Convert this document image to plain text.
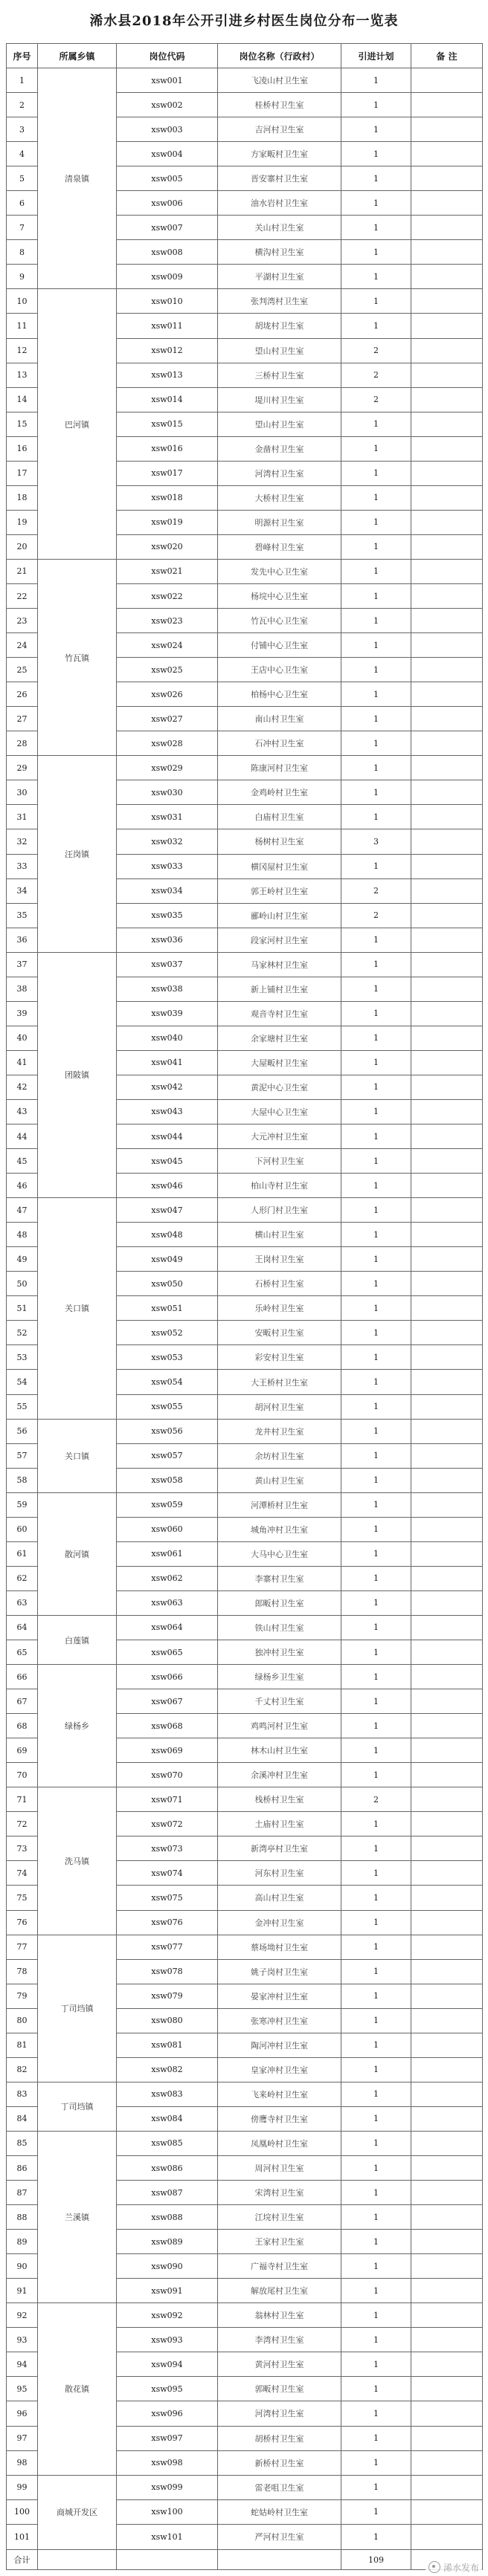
浠水县2018年公开引进乡村医生岗位分布一览表
序号	所属乡镇	岗位代码	岗位名称（行政村）	引进计划	备 注
1	清泉镇	xsw001	飞凌山村卫生室	1	
2		xsw002	桂桥村卫生室	1	
3		xsw003	吉河村卫生室	1	
4		xsw004	方家畈村卫生室	1	
5		xsw005	晋安寨村卫生室	1	
6		xsw006	油水岩村卫生室	1	
7		xsw007	关山村卫生室	1	
8		xsw008	横沟村卫生室	1	
9		xsw009	平湖村卫生室	1	
10	巴河镇	xsw010	张判湾村卫生室	1	
11		xsw011	胡垅村卫生室	1	
12		xsw012	望山村卫生室	2	
13		xsw013	三桥村卫生室	2	
14		xsw014	堤川村卫生室	2	
15		xsw015	望山村卫生室	1	
16		xsw016	金凿村卫生室	1	
17		xsw017	河湾村卫生室	1	
18		xsw018	大桥村卫生室	1	
19		xsw019	明源村卫生室	1	
20		xsw020	碧峰村卫生室	1	
21	竹瓦镇	xsw021	发先中心卫生室	1	
22		xsw022	杨垸中心卫生室	1	
23		xsw023	竹瓦中心卫生室	1	
24		xsw024	付铺中心卫生室	1	
25		xsw025	王店中心卫生室	1	
26		xsw026	柏杨中心卫生室	1	
27		xsw027	南山村卫生室	1	
28		xsw028	石冲村卫生室	1	
29	汪岗镇	xsw029	陈康河村卫生室	1	
30		xsw030	金鸡岭村卫生室	1	
31		xsw031	白庙村卫生室	1	
32		xsw032	杨树村卫生室	3	
33		xsw033	横冈屋村卫生室	1	
34		xsw034	郭王岭村卫生室	2	
35		xsw035	郦岭山村卫生室	2	
36		xsw036	段家河村卫生室	1	
37	团陂镇	xsw037	马家林村卫生室	1	
38		xsw038	新上铺村卫生室	1	
39		xsw039	观音寺村卫生室	1	
40		xsw040	余家塘村卫生室	1	
41		xsw041	大屋畈村卫生室	1	
42		xsw042	黄泥中心卫生室	1	
43		xsw043	大屋中心卫生室	1	
44		xsw044	大元冲村卫生室	1	
45		xsw045	下河村卫生室	1	
46		xsw046	柏山寺村卫生室	1	
47	关口镇	xsw047	人形门村卫生室	1	
48		xsw048	横山村卫生室	1	
49		xsw049	王岗村卫生室	1	
50		xsw050	石桥村卫生室	1	
51		xsw051	乐岭村卫生室	1	
52		xsw052	安畈村卫生室	1	
53		xsw053	彩安村卫生室	1	
54		xsw054	大王桥村卫生室	1	
55		xsw055	胡河村卫生室	1	
56	关口镇	xsw056	龙井村卫生室	1	
57		xsw057	余坊村卫生室	1	
58		xsw058	黄山村卫生室	1	
59	散河镇	xsw059	河潭桥村卫生室	1	
60		xsw060	城角冲村卫生室	1	
61		xsw061	大马中心卫生室	1	
62		xsw062	李寨村卫生室	1	
63		xsw063	郎畈村卫生室	1	
64	白莲镇	xsw064	铁山村卫生室	1	
65		xsw065	独冲村卫生室	1	
66	绿杨乡	xsw066	绿杨乡卫生室	1	
67		xsw067	千丈村卫生室	1	
68		xsw068	鸡鸣河村卫生室	1	
69		xsw069	林木山村卫生室	1	
70		xsw070	余溪冲村卫生室	1	
71	洗马镇	xsw071	栈桥村卫生室	2	
72		xsw072	土庙村卫生室	1	
73		xsw073	新湾亭村卫生室	1	
74		xsw074	河东村卫生室	1	
75		xsw075	高山村卫生室	1	
76		xsw076	金冲村卫生室	1	
77	丁司垱镇	xsw077	蔡场坳村卫生室	1	
78		xsw078	姚子岗村卫生室	1	
79		xsw079	晏家冲村卫生室	1	
80		xsw080	张寒冲村卫生室	1	
81		xsw081	陶河冲村卫生室	1	
82		xsw082	皇家冲村卫生室	1	
83	丁司垱镇	xsw083	飞来岭村卫生室	1	
84		xsw084	傍鹰寺村卫生室	1	
85	兰溪镇	xsw085	凤凰岭村卫生室	1	
86		xsw086	周河村卫生室	1	
87		xsw087	宋湾村卫生室	1	
88		xsw088	江垸村卫生室	1	
89		xsw089	王家村卫生室	1	
90		xsw090	广福寺村卫生室	1	
91		xsw091	解放尾村卫生室	1	
92	散花镇	xsw092	翁林村卫生室	1	
93		xsw093	李湾村卫生室	1	
94		xsw094	黄河村卫生室	1	
95		xsw095	郭畈村卫生室	1	
96		xsw096	河湾村卫生室	1	
97		xsw097	胡桥村卫生室	1	
98		xsw098	新桥村卫生室	1	
99	商城开发区	xsw099	雷老咀卫生室	1	
100		xsw100	蛇姑岭村卫生室	1	
101		xsw101	严河村卫生室	1	
合计				109	
浠水发布
